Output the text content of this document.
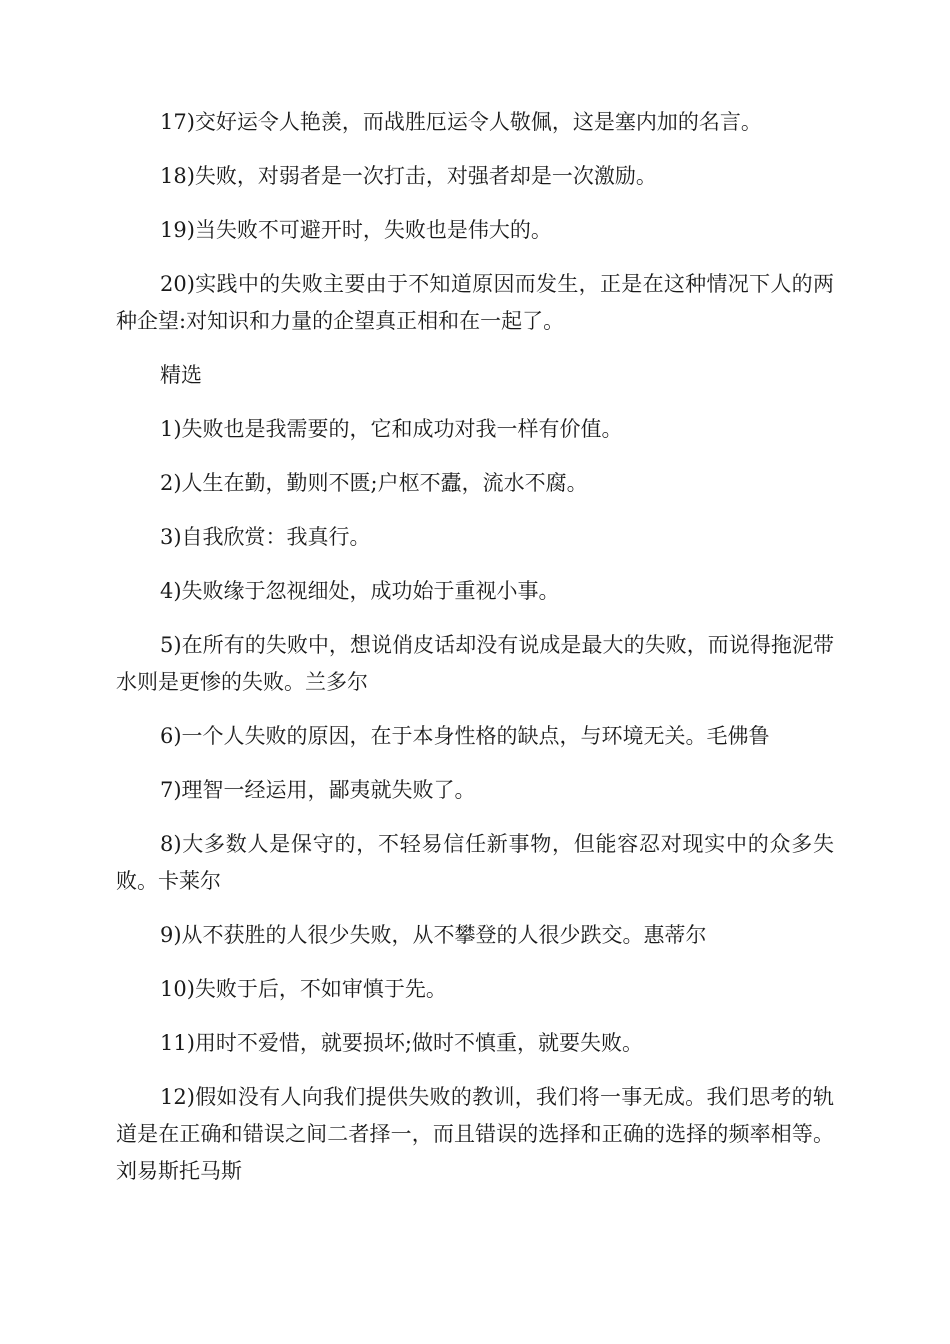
17)交好运令人艳羡，而战胜厄运令人敬佩，这是塞内加的名言。

18)失败，对弱者是一次打击，对强者却是一次激励。

19)当失败不可避开时，失败也是伟大的。

20)实践中的失败主要由于不知道原因而发生，正是在这种情况下人的两种企望:对知识和力量的企望真正相和在一起了。

精选

1)失败也是我需要的，它和成功对我一样有价值。

2)人生在勤，勤则不匮;户枢不蠹，流水不腐。

3)自我欣赏：我真行。

4)失败缘于忽视细处，成功始于重视小事。

5)在所有的失败中，想说俏皮话却没有说成是最大的失败，而说得拖泥带水则是更惨的失败。兰多尔

6)一个人失败的原因，在于本身性格的缺点，与环境无关。毛佛鲁

7)理智一经运用，鄙夷就失败了。

8)大多数人是保守的，不轻易信任新事物，但能容忍对现实中的众多失败。卡莱尔

9)从不获胜的人很少失败，从不攀登的人很少跌交。惠蒂尔

10)失败于后，不如审慎于先。

11)用时不爱惜，就要损坏;做时不慎重，就要失败。

12)假如没有人向我们提供失败的教训，我们将一事无成。我们思考的轨道是在正确和错误之间二者择一，而且错误的选择和正确的选择的频率相等。刘易斯托马斯
